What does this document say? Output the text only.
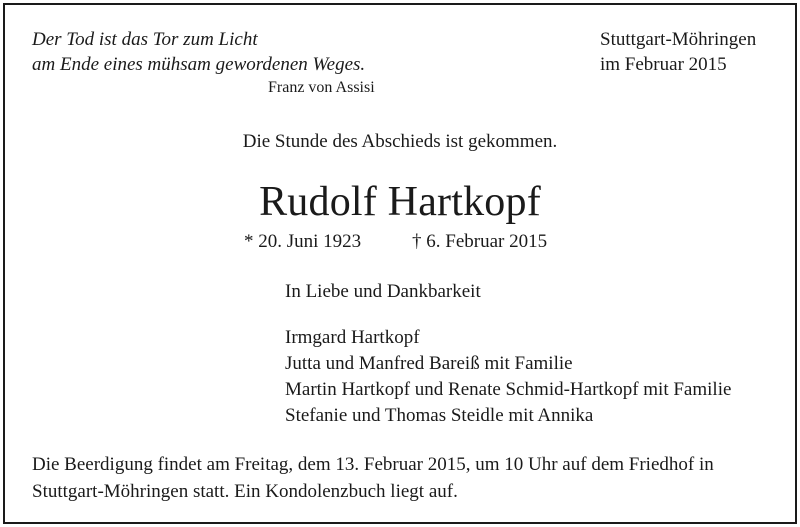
Der Tod ist das Tor zum Licht
am Ende eines mühsam gewordenen Weges.
Franz von Assisi
Stuttgart-Möhringen
im Februar 2015
Die Stunde des Abschieds ist gekommen.
Rudolf Hartkopf
* 20. Juni 1923	† 6. Februar 2015
In Liebe und Dankbarkeit
Irmgard Hartkopf
Jutta und Manfred Bareiß mit Familie
Martin Hartkopf und Renate Schmid-Hartkopf mit Familie
Stefanie und Thomas Steidle mit Annika
Die Beerdigung findet am Freitag, dem 13. Februar 2015, um 10 Uhr auf dem Friedhof in
Stuttgart-Möhringen statt. Ein Kondolenzbuch liegt auf.
